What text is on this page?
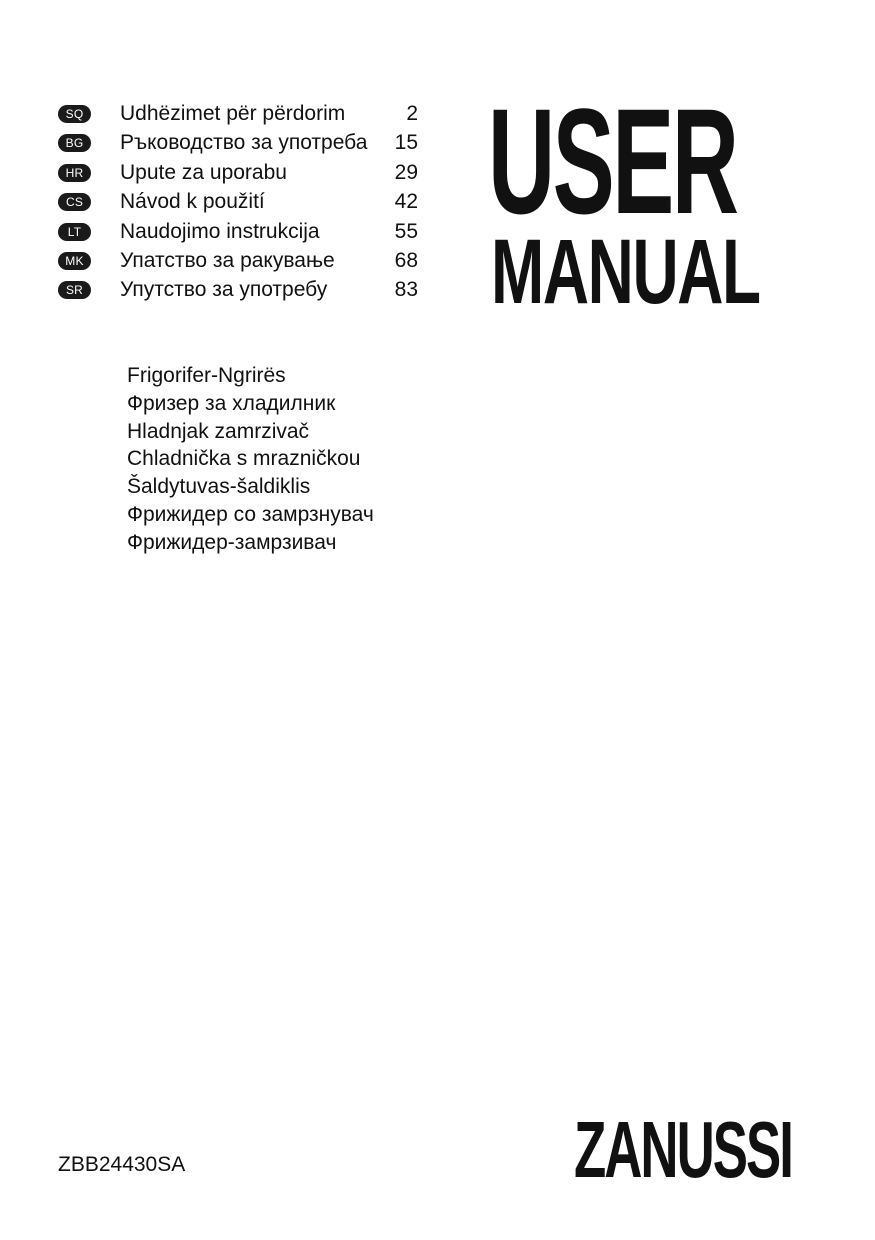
SQ	Udhëzimet për përdorim	2
BG	Ръководство за употреба 15
HR	Upute za uporabu	29
CS	Návod k použití	42
LT	Naudojimo instrukcija	55
MK	Упатство за ракување	68
SR	Упутство за употребу	83
USER
MANUAL
Frigorifer-Ngrirës
Фризер за хладилник
Hladnjak zamrzivač
Chladnička s mrazničkou
Šaldytuvas-šaldiklis
Фрижидер со замрзнувач
Фрижидер-замрзивач
ZBB24430SA	ZANUSSI
